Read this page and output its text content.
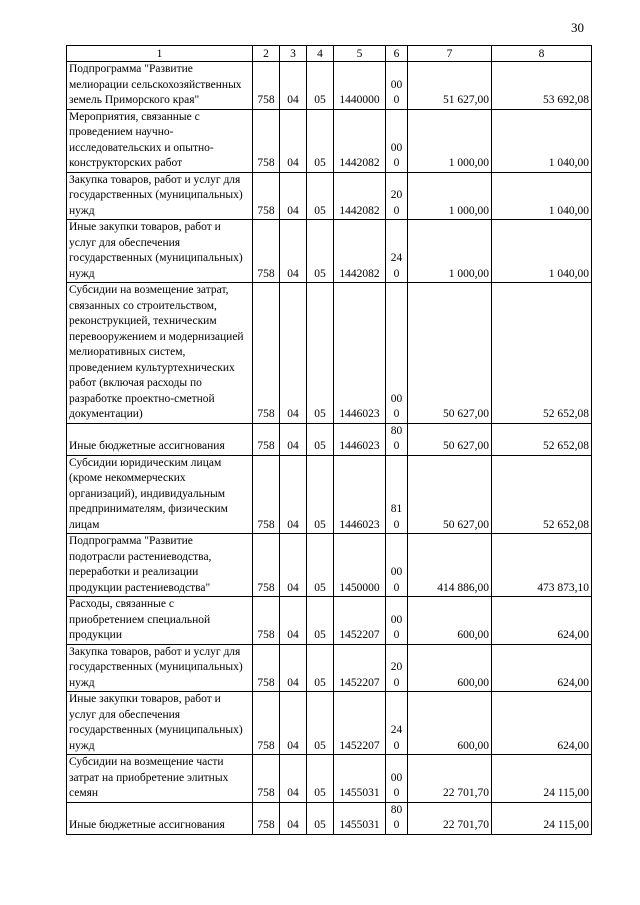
30
1	2	3	4	5	6	7	8
Подпрограмма "Развитие мелиорации сельскохозяйственных земель Приморского края"	758	04	05	1440000	000	51 627,00	53 692,08
Мероприятия, связанные с проведением научно-исследовательских и опытно-конструкторских работ	758	04	05	1442082	000	1 000,00	1 040,00
Закупка товаров, работ и услуг для государственных (муниципальных) нужд	758	04	05	1442082	200	1 000,00	1 040,00
Иные закупки товаров, работ и услуг для обеспечения государственных (муниципальных) нужд	758	04	05	1442082	240	1 000,00	1 040,00
Субсидии на возмещение затрат, связанных со строительством, реконструкцией, техническим перевооружением и модернизацией мелиоративных систем, проведением культуртехнических работ (включая расходы по разработке проектно-сметной документации)	758	04	05	1446023	000	50 627,00	52 652,08
Иные бюджетные ассигнования	758	04	05	1446023	800	50 627,00	52 652,08
Субсидии юридическим лицам (кроме некоммерческих организаций), индивидуальным предпринимателям, физическим лицам	758	04	05	1446023	810	50 627,00	52 652,08
Подпрограмма "Развитие подотрасли растениеводства, переработки и реализации продукции растениеводства"	758	04	05	1450000	000	414 886,00	473 873,10
Расходы, связанные с приобретением специальной продукции	758	04	05	1452207	000	600,00	624,00
Закупка товаров, работ и услуг для государственных (муниципальных) нужд	758	04	05	1452207	200	600,00	624,00
Иные закупки товаров, работ и услуг для обеспечения государственных (муниципальных) нужд	758	04	05	1452207	240	600,00	624,00
Субсидии на возмещение части затрат на приобретение элитных семян	758	04	05	1455031	000	22 701,70	24 115,00
Иные бюджетные ассигнования	758	04	05	1455031	800	22 701,70	24 115,00
